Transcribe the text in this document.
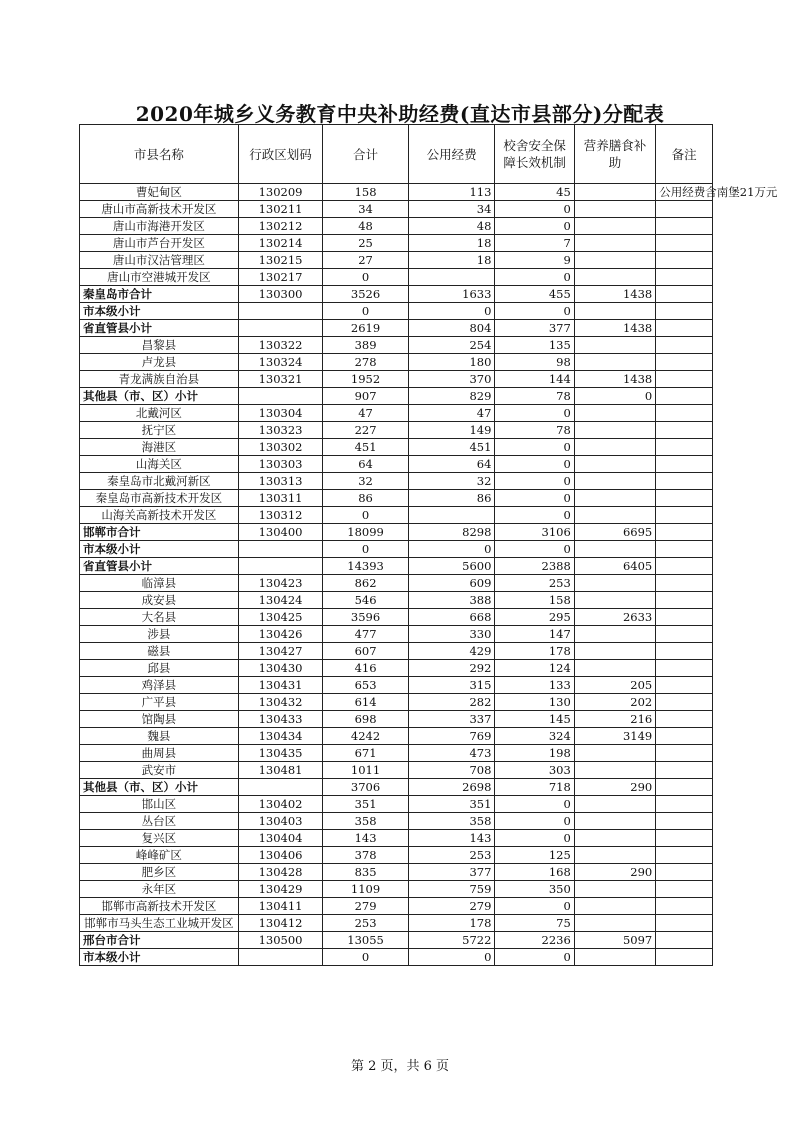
2020年城乡义务教育中央补助经费(直达市县部分)分配表
市县名称	行政区划码	合计	公用经费	校舍安全保障长效机制	营养膳食补助	备注
曹妃甸区	130209	158	113	45		公用经费含南堡21万元
唐山市高新技术开发区	130211	34	34	0		
唐山市海港开发区	130212	48	48	0		
唐山市芦台开发区	130214	25	18	7		
唐山市汉沽管理区	130215	27	18	9		
唐山市空港城开发区	130217	0		0		
秦皇岛市合计	130300	3526	1633	455	1438	
市本级小计		0	0	0		
省直管县小计		2619	804	377	1438	
昌黎县	130322	389	254	135		
卢龙县	130324	278	180	98		
青龙满族自治县	130321	1952	370	144	1438	
其他县（市、区）小计		907	829	78	0	
北戴河区	130304	47	47	0		
抚宁区	130323	227	149	78		
海港区	130302	451	451	0		
山海关区	130303	64	64	0		
秦皇岛市北戴河新区	130313	32	32	0		
秦皇岛市高新技术开发区	130311	86	86	0		
山海关高新技术开发区	130312	0		0		
邯郸市合计	130400	18099	8298	3106	6695	
市本级小计		0	0	0		
省直管县小计		14393	5600	2388	6405	
临漳县	130423	862	609	253		
成安县	130424	546	388	158		
大名县	130425	3596	668	295	2633	
涉县	130426	477	330	147		
磁县	130427	607	429	178		
邱县	130430	416	292	124		
鸡泽县	130431	653	315	133	205	
广平县	130432	614	282	130	202	
馆陶县	130433	698	337	145	216	
魏县	130434	4242	769	324	3149	
曲周县	130435	671	473	198		
武安市	130481	1011	708	303		
其他县（市、区）小计		3706	2698	718	290	
邯山区	130402	351	351	0		
丛台区	130403	358	358	0		
复兴区	130404	143	143	0		
峰峰矿区	130406	378	253	125		
肥乡区	130428	835	377	168	290	
永年区	130429	1109	759	350		
邯郸市高新技术开发区	130411	279	279	0		
邯郸市马头生态工业城开发区	130412	253	178	75		
邢台市合计	130500	13055	5722	2236	5097	
市本级小计		0	0	0		
第 2 页，共 6 页
